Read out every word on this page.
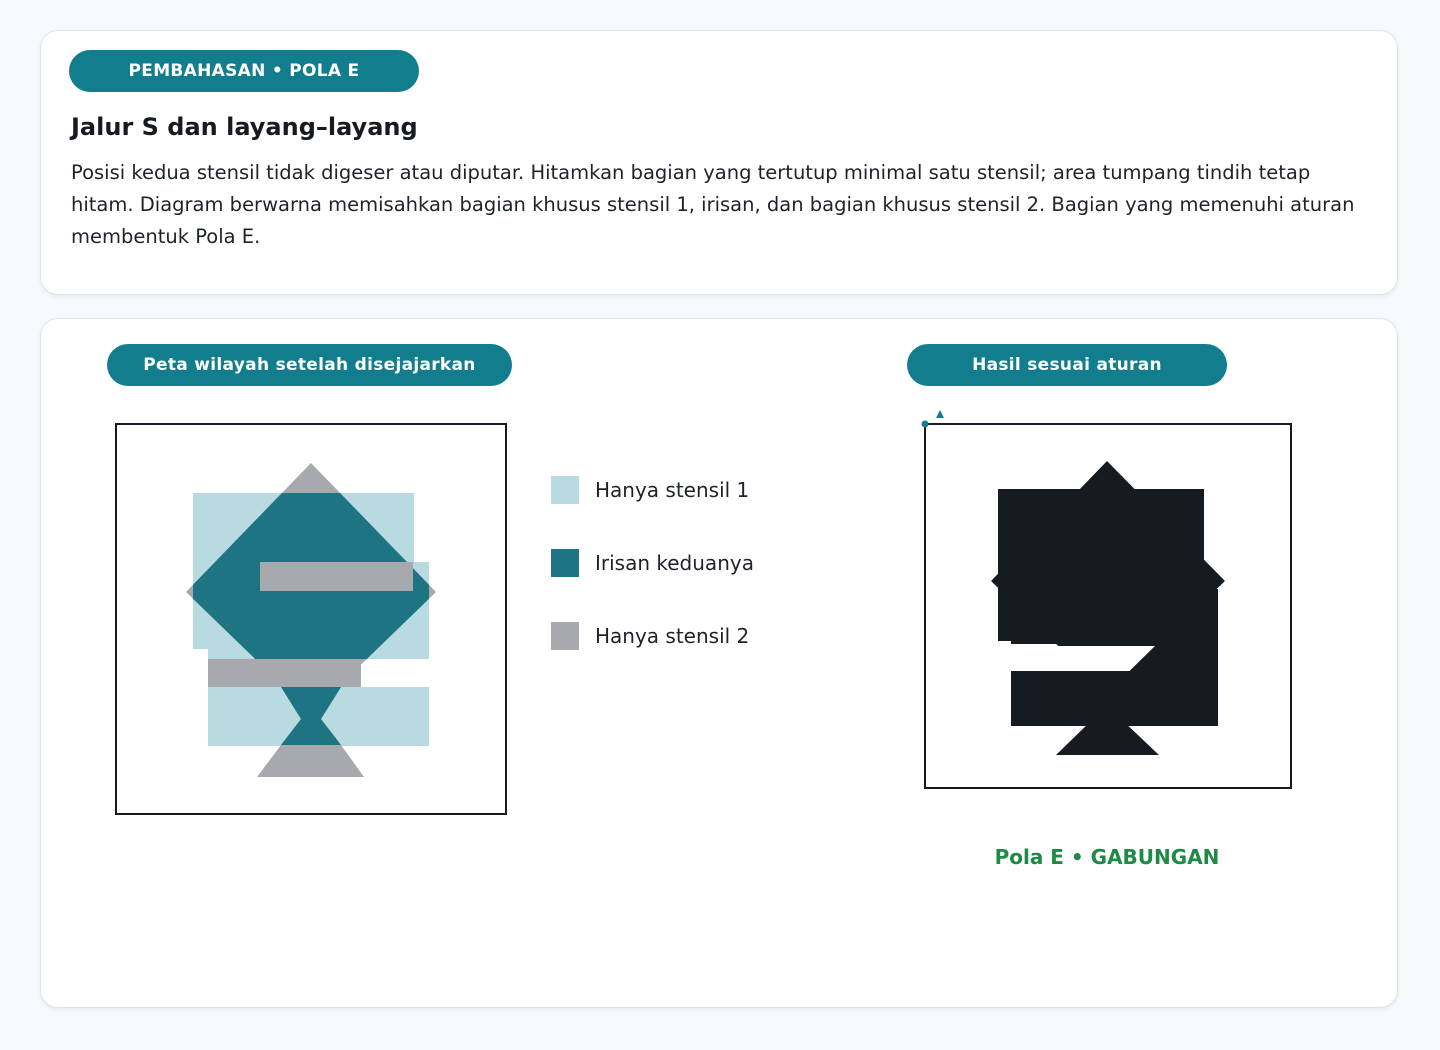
PEMBAHASAN • POLA E
Jalur S dan layang–layang
Posisi kedua stensil tidak digeser atau diputar. Hitamkan bagian yang tertutup minimal satu stensil; area tumpang tindih tetap hitam. Diagram berwarna memisahkan bagian khusus stensil 1, irisan, dan bagian khusus stensil 2. Bagian yang memenuhi aturan membentuk Pola E.
Peta wilayah setelah disejajarkan	Hasil sesuai aturan
Hanya stensil 1
Irisan keduanya
Hanya stensil 2
Pola E • GABUNGAN
